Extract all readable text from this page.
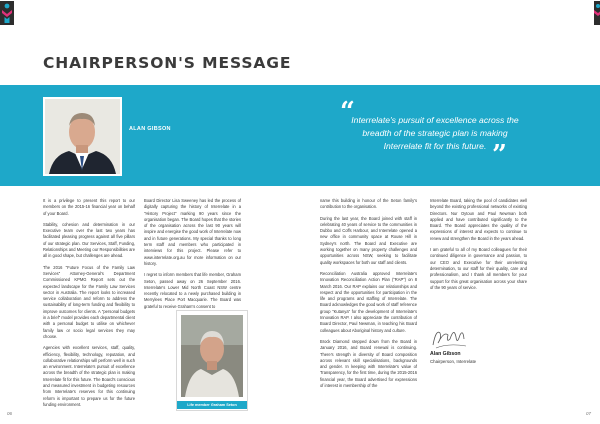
CHAIRPERSON'S MESSAGE
ALAN GIBSON
“
Interrelate's pursuit of excellence across the breadth of the strategic plan is making Interrelate fit for this future. ”

It is a privilege to present this report to our members on the 2015-16 financial year on behalf of your Board.

Stability, cohesion and determination in our Executive team over the last two years has facilitated pleasing progress against all five pillars of our strategic plan. Our Services, Staff, Funding, Relationships and Meeting our Responsibilities are all in good shape, but challenges are ahead.

The 2016 "Future Focus of the Family Law Services" Attorney-General's Department Commissioned KPMG Report sets out the expected landscape for the Family Law Services sector in Australia. The report looks to increased service collaboration and reform to address the sustainability of long-term funding and flexibility to improve outcomes for clients. A "personal budgets in a brief" model provides each departmental client with a personal budget to utilise on whichever family law or socio legal services they may choose.

Agencies with excellent services, staff, quality, efficiency, flexibility, technology, reputation, and collaborative relationships will perform well in such an environment. Interrelate's pursuit of excellence across the breadth of the strategic plan is making Interrelate fit for this future. The Board's conscious and measured investment in budgeting resources from Interrelate's reserves for this continuing reform is important to prepare us for the future funding environment.

Board Director Lisa Sweeney has led the process of digitally capturing the history of Interrelate in a "History Project" marking 90 years since the organisation began. The Board hopes that the stories of the organisation across the last 90 years will inspire and energise the good work of Interrelate now and in future generations. My special thanks to long term staff and members who participated in interviews for this project. Please refer to www.interrelate.org.au for more information on our history.

I regret to inform members that life member, Graham Seton, passed away on 26 September 2016. Interrelate's Lower Mid North Coast NSW centre recently relocated to a newly purchased building in Merrylees Place Port Macquarie. The Board was grateful to receive Graham's consent to

Life member Graham Seton

name this building in honour of the Seton family's contribution to the organisation.

During the last year, the Board joined with staff in celebrating 40 years of service to the communities in Dubbo and Coffs Harbour, and Interrelate opened a new office in community space at Rouse Hill in Sydney's north. The Board and Executive are working together on many property challenges and opportunities across NSW, seeking to facilitate quality workspaces for both our staff and clients.

Reconciliation Australia approved Interrelate's Innovation Reconciliation Action Plan ("RAP") on 8 March 2016. Our RAP explains our relationships and respect and the opportunities for participation in the life and programs and staffing of Interrelate. The Board acknowledges the good work of staff reference group "Kutanya" for the development of Interrelate's Innovation RAP. I also appreciate the contribution of Board Director, Paul Newman, in teaching his Board colleagues about Aboriginal history and culture.

Brock Diamond stepped down from the Board in January 2016, and Board renewal is continuing. There's strength in diversity of Board composition across relevant skill specialisations, backgrounds and gender. In keeping with Interrelate's value of Transparency, for the first time, during the 2015-2016 financial year, the Board advertised for expressions of interest in membership of the

Interrelate Board, taking the pool of candidates well beyond the existing professional networks of existing Directors. Nur Oytoun and Paul Newman both applied and have contributed significantly to the Board. The Board appreciates the quality of the expressions of interest and expects to continue to renew and strengthen the Board in the years ahead.

I am grateful to all of my Board colleagues for their continued diligence in governance and passion, to our CEO and Executive for their unrelenting determination, to our staff for their quality, care and professionalism, and I thank all members for your support for this great organisation across your share of the 90 years of service.

Alan Gibson
Chairperson, Interrelate
06	07
